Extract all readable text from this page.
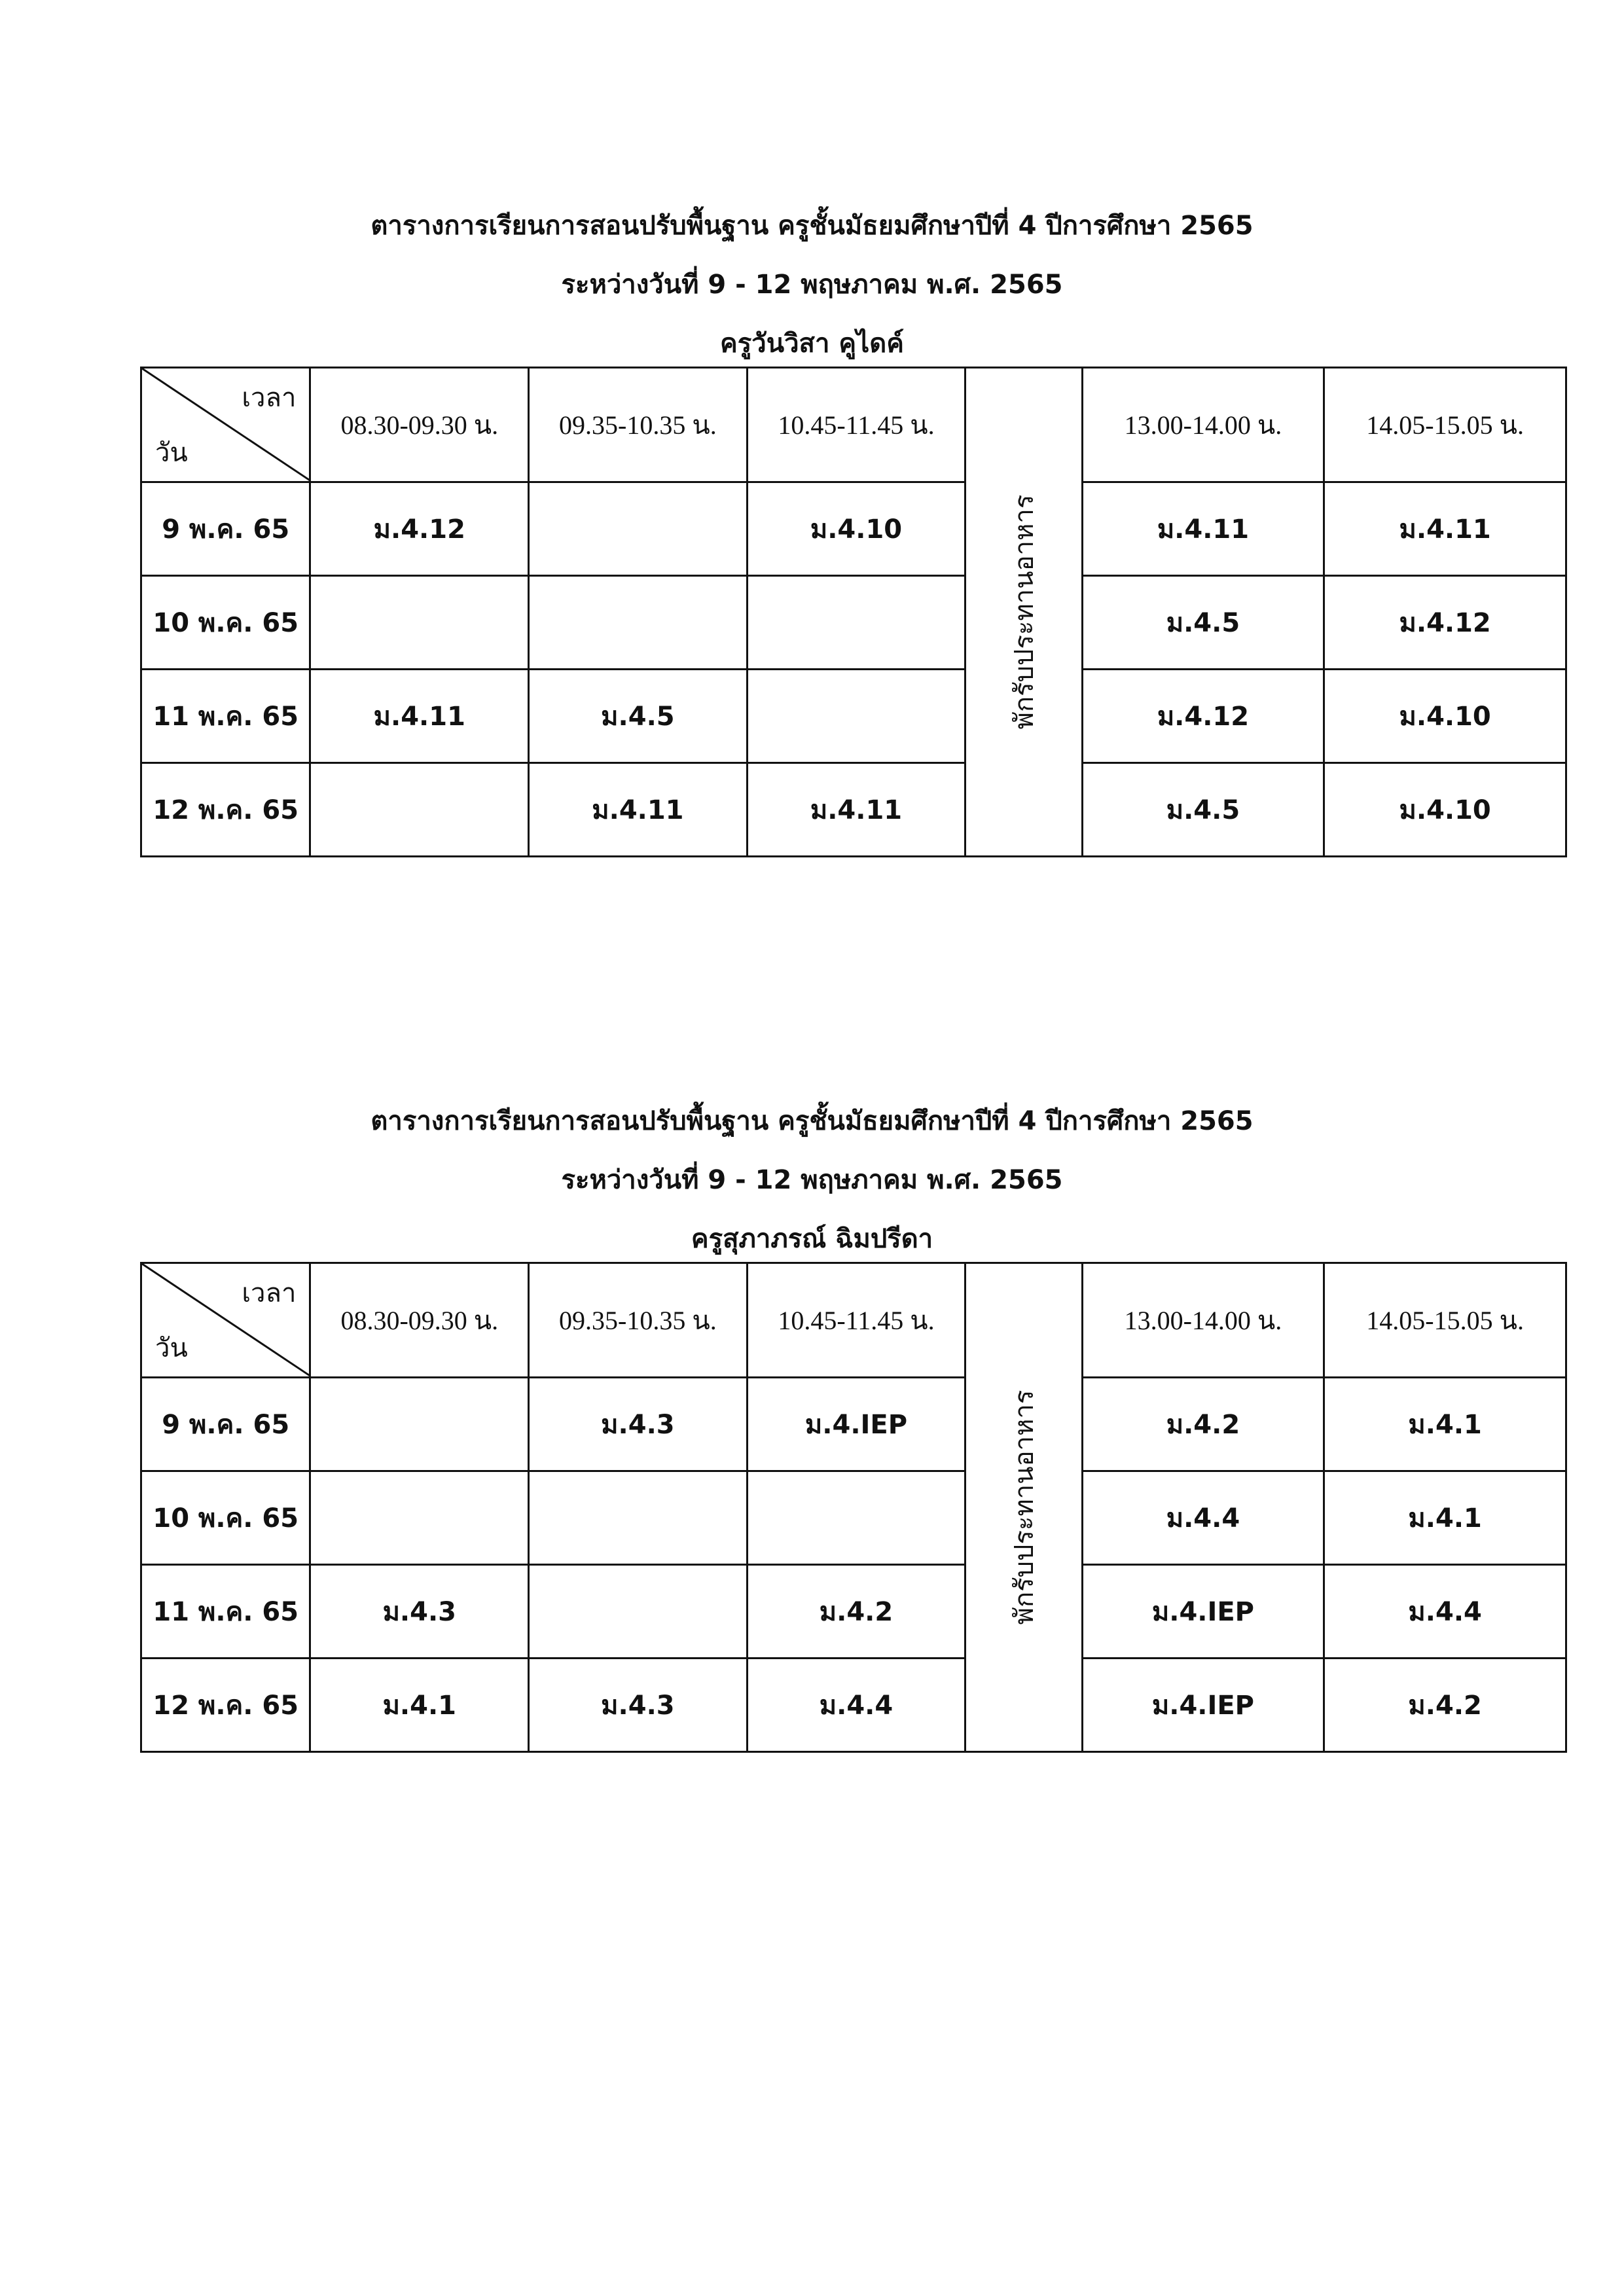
ตารางการเรียนการสอนปรับพื้นฐาน ครูชั้นมัธยมศึกษาปีที่ 4 ปีการศึกษา 2565
ระหว่างวันที่ 9 - 12 พฤษภาคม พ.ศ. 2565
ครูวันวิสา คูไดค์
เวลา
วัน	08.30-09.30 น.	09.35-10.35 น.	10.45-11.45 น.	พักรับประทานอาหาร	13.00-14.00 น.	14.05-15.05 น.
9 พ.ค. 65	ม.4.12		ม.4.10		ม.4.11	ม.4.11
10 พ.ค. 65					ม.4.5	ม.4.12
11 พ.ค. 65	ม.4.11	ม.4.5			ม.4.12	ม.4.10
12 พ.ค. 65		ม.4.11	ม.4.11		ม.4.5	ม.4.10
ตารางการเรียนการสอนปรับพื้นฐาน ครูชั้นมัธยมศึกษาปีที่ 4 ปีการศึกษา 2565
ระหว่างวันที่ 9 - 12 พฤษภาคม พ.ศ. 2565
ครูสุภาภรณ์ ฉิมปรีดา
เวลา
วัน	08.30-09.30 น.	09.35-10.35 น.	10.45-11.45 น.	พักรับประทานอาหาร	13.00-14.00 น.	14.05-15.05 น.
9 พ.ค. 65		ม.4.3	ม.4.IEP		ม.4.2	ม.4.1
10 พ.ค. 65					ม.4.4	ม.4.1
11 พ.ค. 65	ม.4.3		ม.4.2		ม.4.IEP	ม.4.4
12 พ.ค. 65	ม.4.1	ม.4.3	ม.4.4		ม.4.IEP	ม.4.2
